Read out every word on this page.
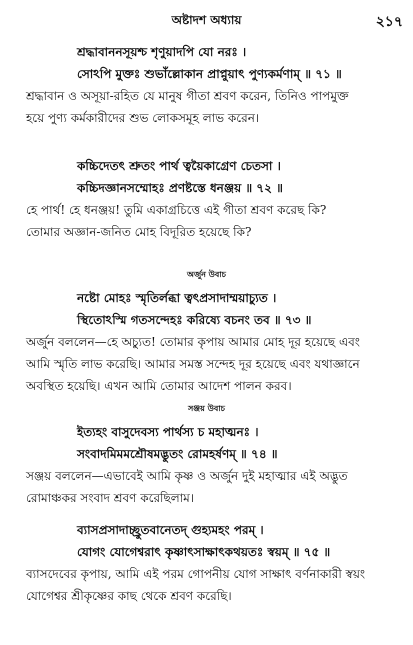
অষ্টাদশ অধ্যায়	২১৭
শ্রদ্ধাবাননসূয়শ্চ শৃণুয়াদপি যো নরঃ ।
সোঽপি মুক্তঃ শুভাঁল্লোকান প্রাপ্নুয়াৎ পুণ্যকর্মণাম্ ॥ ৭১ ॥
শ্রদ্ধাবান ও অসূয়া-রহিত যে মানুষ গীতা শ্রবণ করেন, তিনিও পাপমুক্ত
হয়ে পুণ্য কর্মকারীদের শুভ লোকসমূহ লাভ করেন।
কচ্চিদেতৎ শ্রুতং পার্থ ত্বয়ৈকাগ্রেণ চেতসা ।
কচ্চিদজ্ঞানসম্মোহঃ প্রণষ্টস্তে ধনঞ্জয় ॥ ৭২ ॥
হে পার্থ! হে ধনঞ্জয়! তুমি একাগ্রচিত্তে এই গীতা শ্রবণ করেছ কি?
তোমার অজ্ঞান-জনিত মোহ বিদূরিত হয়েছে কি?
অর্জুন উবাচ
নষ্টো মোহঃ স্মৃতির্লব্ধা ত্বৎপ্রসাদাম্ময়াচ্যুত ।
স্থিতোঽস্মি গতসন্দেহঃ করিষ্যে বচনং তব ॥ ৭৩ ॥
অর্জুন বললেন—হে অচ্যুত! তোমার কৃপায় আমার মোহ দূর হয়েছে এবং
আমি স্মৃতি লাভ করেছি। আমার সমস্ত সন্দেহ দূর হয়েছে এবং যথাজ্ঞানে
অবস্থিত হয়েছি। এখন আমি তোমার আদেশ পালন করব।
সঞ্জয় উবাচ
ইত্যহং বাসুদেবস্য পার্থস্য চ মহাত্মনঃ ।
সংবাদমিমমশ্রৌষমদ্ভুতং রোমহর্ষণম্ ॥ ৭৪ ॥
সঞ্জয় বললেন—এভাবেই আমি কৃষ্ণ ও অর্জুন দুই মহাত্মার এই অদ্ভুত
রোমাঞ্চকর সংবাদ শ্রবণ করেছিলাম।
ব্যাসপ্রসাদাচ্ছ্রুতবানেতদ্ গুহ্যমহং পরম্ ।
যোগং যোগেশ্বরাৎ কৃষ্ণাৎসাক্ষাৎকথয়তঃ স্বয়ম্ ॥ ৭৫ ॥
ব্যাসদেবের কৃপায়, আমি এই পরম গোপনীয় যোগ সাক্ষাৎ বর্ণনাকারী স্বয়ং
যোগেশ্বর শ্রীকৃষ্ণের কাছ থেকে শ্রবণ করেছি।
